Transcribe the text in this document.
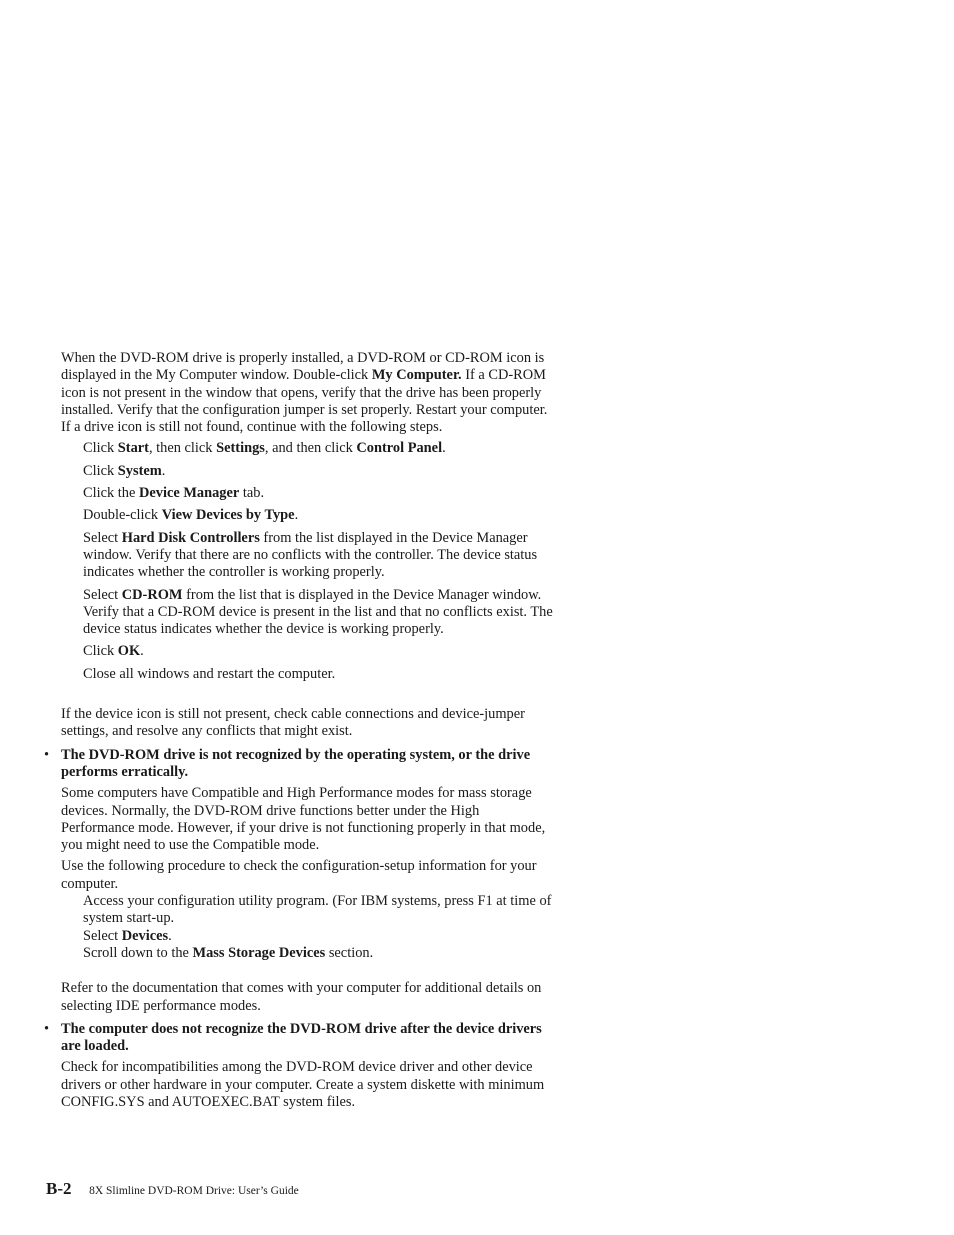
When the DVD-ROM drive is properly installed, a DVD-ROM or CD-ROM icon is displayed in the My Computer window. Double-click My Computer. If a CD-ROM icon is not present in the window that opens, verify that the drive has been properly installed. Verify that the configuration jumper is set properly. Restart your computer. If a drive icon is still not found, continue with the following steps.

Click Start, then click Settings, and then click Control Panel.
Click System.
Click the Device Manager tab.
Double-click View Devices by Type.
Select Hard Disk Controllers from the list displayed in the Device Manager window. Verify that there are no conflicts with the controller. The device status indicates whether the controller is working properly.
Select CD-ROM from the list that is displayed in the Device Manager window. Verify that a CD-ROM device is present in the list and that no conflicts exist. The device status indicates whether the device is working properly.
Click OK.
Close all windows and restart the computer.

If the device icon is still not present, check cable connections and device-jumper settings, and resolve any conflicts that might exist.

• The DVD-ROM drive is not recognized by the operating system, or the drive performs erratically.

Some computers have Compatible and High Performance modes for mass storage devices. Normally, the DVD-ROM drive functions better under the High Performance mode. However, if your drive is not functioning properly in that mode, you might need to use the Compatible mode.

Use the following procedure to check the configuration-setup information for your computer.

Access your configuration utility program. (For IBM systems, press F1 at time of system start-up.
Select Devices.
Scroll down to the Mass Storage Devices section.

Refer to the documentation that comes with your computer for additional details on selecting IDE performance modes.

• The computer does not recognize the DVD-ROM drive after the device drivers are loaded.

Check for incompatibilities among the DVD-ROM device driver and other device drivers or other hardware in your computer. Create a system diskette with minimum CONFIG.SYS and AUTOEXEC.BAT system files.

B-2 8X Slimline DVD-ROM Drive: User’s Guide
